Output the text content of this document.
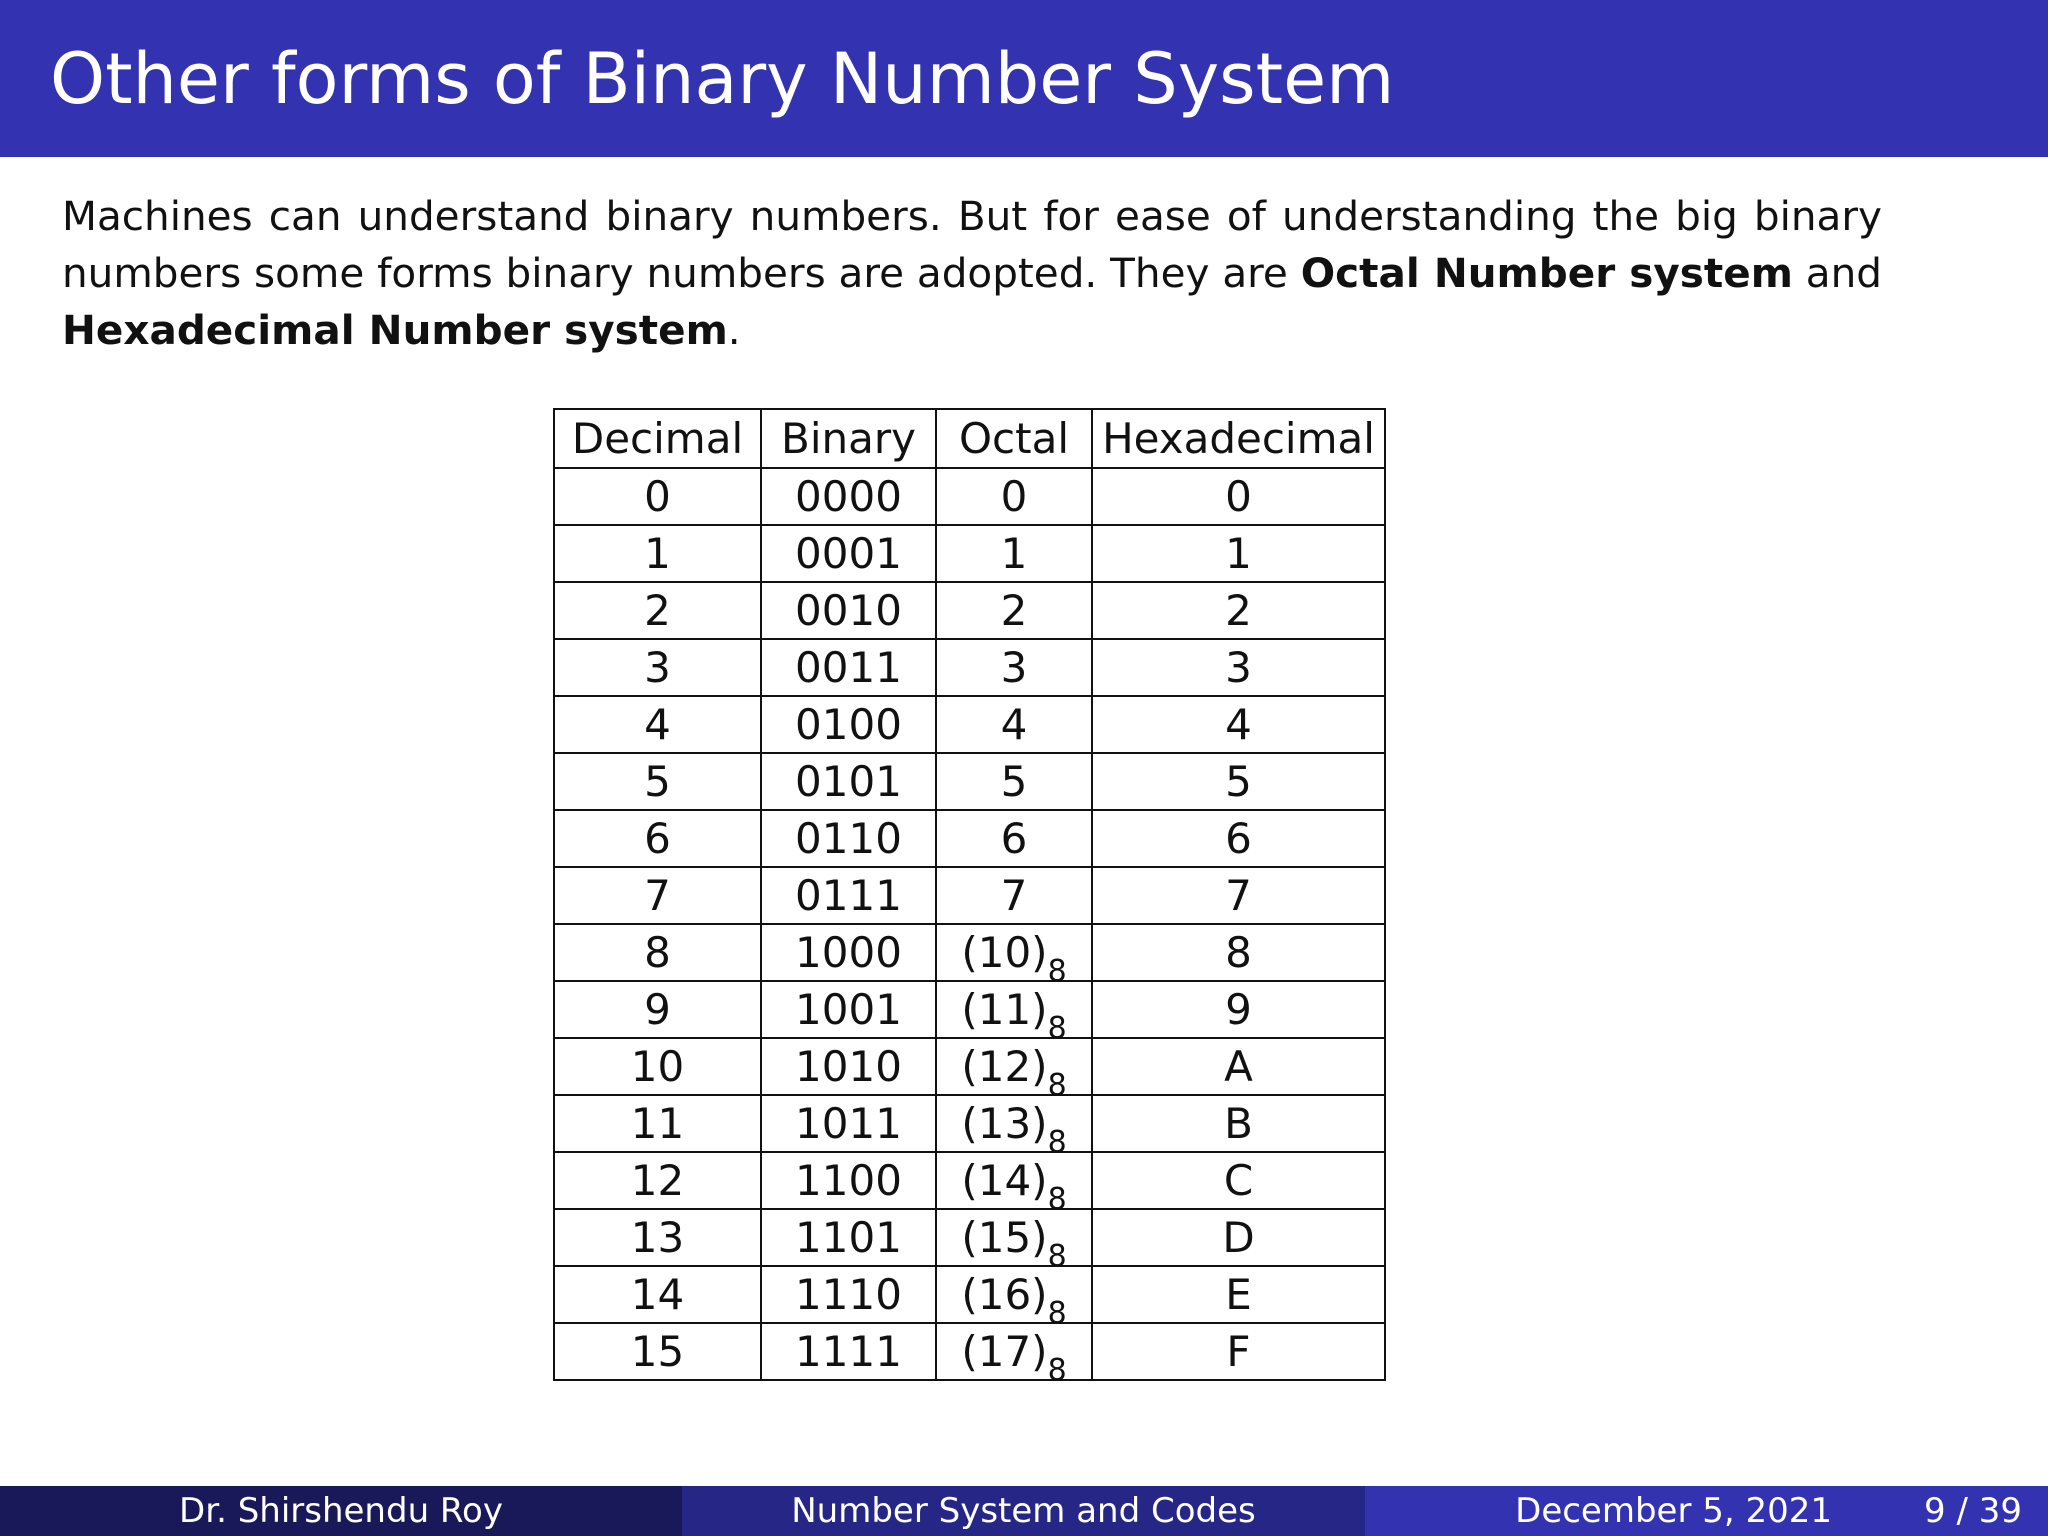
Other forms of Binary Number System
Machines can understand binary numbers. But for ease of understanding the big binary numbers some forms binary numbers are adopted. They are Octal Number system and Hexadecimal Number system.
Decimal	Binary	Octal	Hexadecimal
0	0000	0	0
1	0001	1	1
2	0010	2	2
3	0011	3	3
4	0100	4	4
5	0101	5	5
6	0110	6	6
7	0111	7	7
8	1000	$(10)_8$	8
9	1001	$(11)_8$	9
10	1010	$(12)_8$	A
11	1011	$(13)_8$	B
12	1100	$(14)_8$	C
13	1101	$(15)_8$	D
14	1110	$(16)_8$	E
15	1111	$(17)_8$	F
Dr. Shirshendu Roy	Number System and Codes	December 5, 2021	9 / 39
